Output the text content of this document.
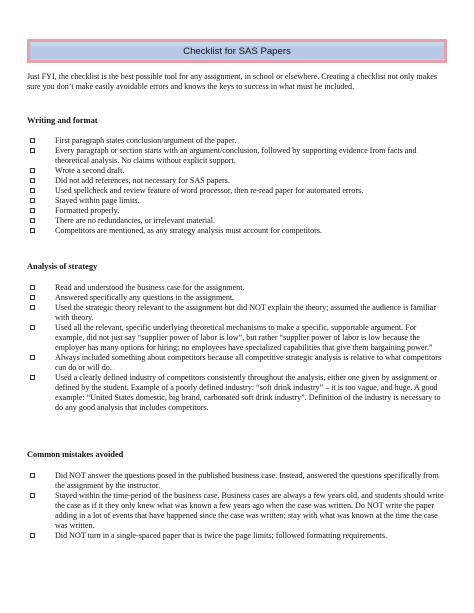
Checklist for SAS Papers
Just FYI, the checklist is the best possible tool for any assignment, in school or elsewhere. Creating a checklist not only makes sure you don’t make easily avoidable errors and knows the keys to success in what must be included.
Writing and format
First paragraph states conclusion/argument of the paper.
Every paragraph or section starts with an argument/conclusion, followed by supporting evidence from facts and theoretical analysis. No claims without explicit support.
Wrote a second draft.
Did not add references, not necessary for SAS papers.
Used spellcheck and review feature of word processor, then re-read paper for automated errors.
Stayed within page limits.
Formatted properly.
There are no redundancies, or irrelevant material.
Competitors are mentioned, as any strategy analysis must account for competitors.
Analysis of strategy
Read and understood the business case for the assignment.
Answered specifically any questions in the assignment.
Used the strategic theory relevant to the assignment but did NOT explain the theory; assumed the audience is familiar with theory.
Used all the relevant, specific underlying theoretical mechanisms to make a specific, supportable argument. For example, did not just say “supplier power of labor is low”, but rather “supplier power of labor is low because the employer has many options for hiring; no employees have specialized capabilities that give them bargaining power.”
Always included something about competitors because all competitive strategic analysis is relative to what competitors can do or will do.
Used a clearly defined industry of competitors consistently throughout the analysis, either one given by assignment or defined by the student. Example of a poorly defined industry: “soft drink industry” – it is too vague, and huge. A good example: “United States domestic, big brand, carbonated soft drink industry”. Definition of the industry is necessary to do any good analysis that includes competitors.
Common mistakes avoided
Did NOT answer the questions posed in the published business case. Instead, answered the questions specifically from the assignment by the instructor.
Stayed within the time-period of the business case. Business cases are always a few years old, and students should write the case as if it they only knew what was known a few years ago when the case was written. Do NOT write the paper adding in a lot of events that have happened since the case was written; stay with what was known at the time the case was written.
Did NOT turn in a single-spaced paper that is twice the page limits; followed formatting requirements.
